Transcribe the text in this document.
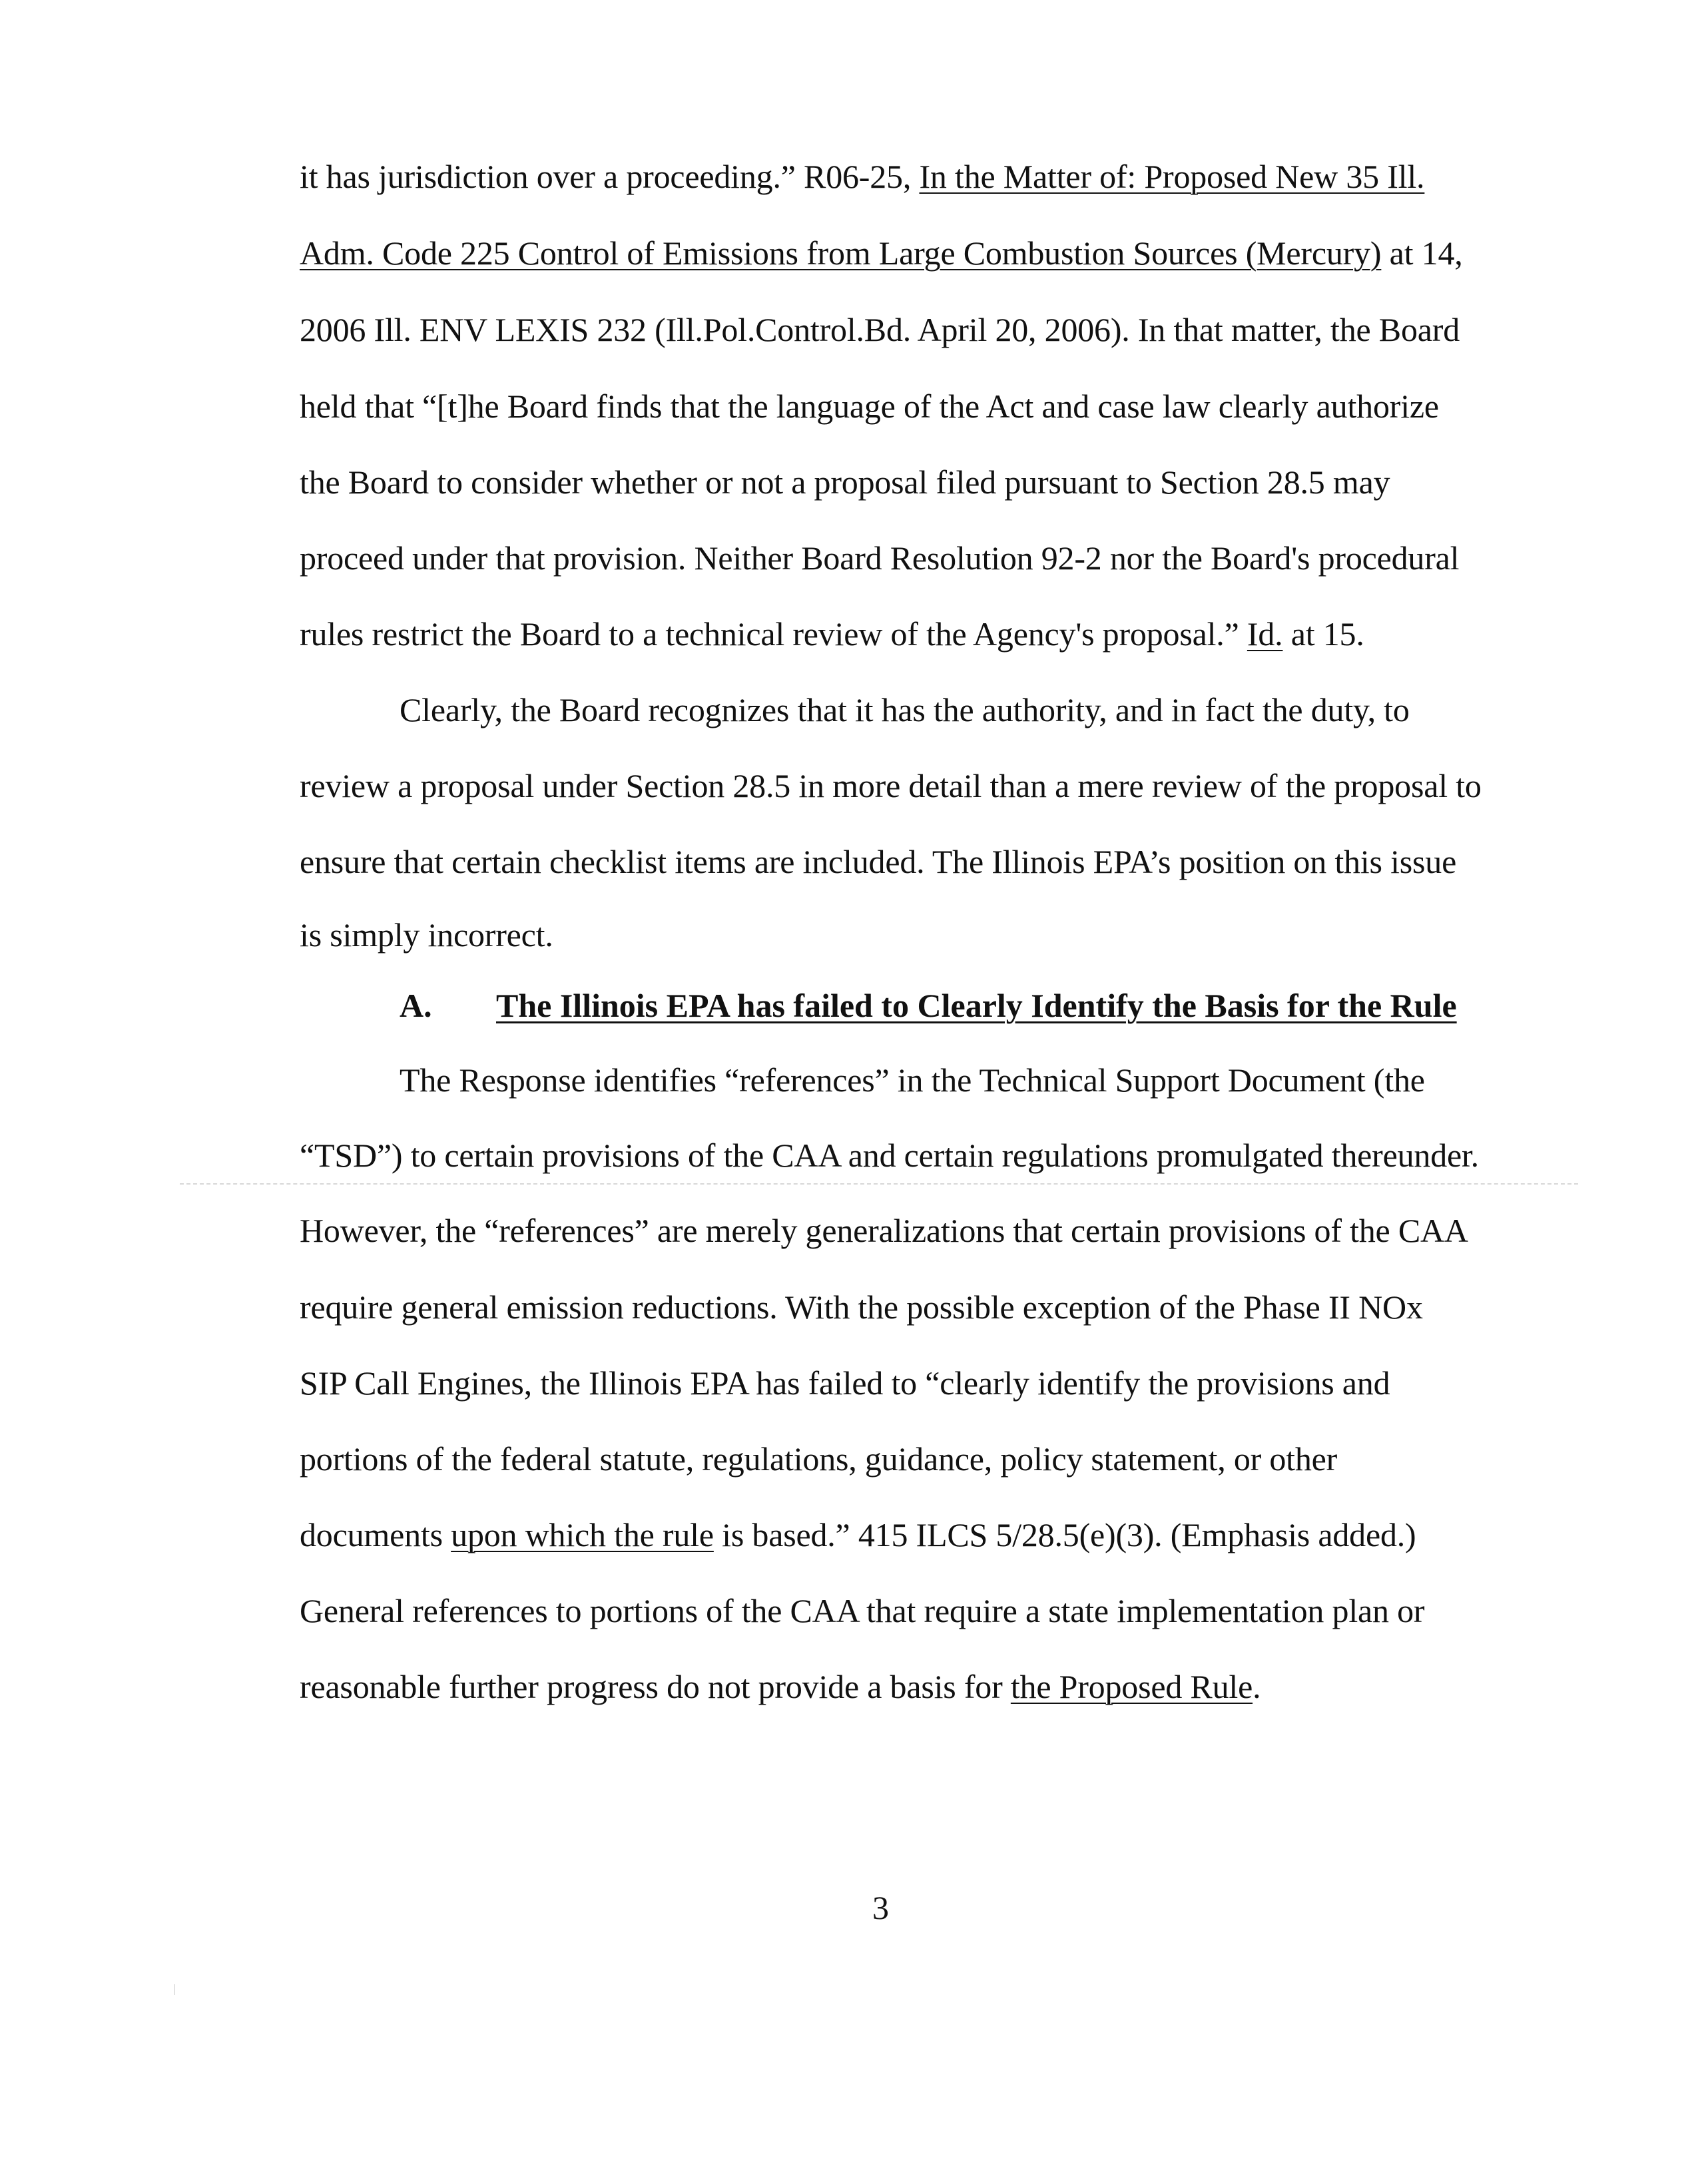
it has jurisdiction over a proceeding.” R06-25, In the Matter of: Proposed New 35 Ill.
Adm. Code 225 Control of Emissions from Large Combustion Sources (Mercury) at 14,
2006 Ill. ENV LEXIS 232 (Ill.Pol.Control.Bd. April 20, 2006). In that matter, the Board
held that “[t]he Board finds that the language of the Act and case law clearly authorize
the Board to consider whether or not a proposal filed pursuant to Section 28.5 may
proceed under that provision. Neither Board Resolution 92-2 nor the Board's procedural
rules restrict the Board to a technical review of the Agency's proposal.” Id. at 15.
Clearly, the Board recognizes that it has the authority, and in fact the duty, to
review a proposal under Section 28.5 in more detail than a mere review of the proposal to
ensure that certain checklist items are included. The Illinois EPA’s position on this issue
is simply incorrect.
A. The Illinois EPA has failed to Clearly Identify the Basis for the Rule
The Response identifies “references” in the Technical Support Document (the
“TSD”) to certain provisions of the CAA and certain regulations promulgated thereunder.
However, the “references” are merely generalizations that certain provisions of the CAA
require general emission reductions. With the possible exception of the Phase II NOx
SIP Call Engines, the Illinois EPA has failed to “clearly identify the provisions and
portions of the federal statute, regulations, guidance, policy statement, or other
documents upon which the rule is based.” 415 ILCS 5/28.5(e)(3). (Emphasis added.)
General references to portions of the CAA that require a state implementation plan or
reasonable further progress do not provide a basis for the Proposed Rule.
3
